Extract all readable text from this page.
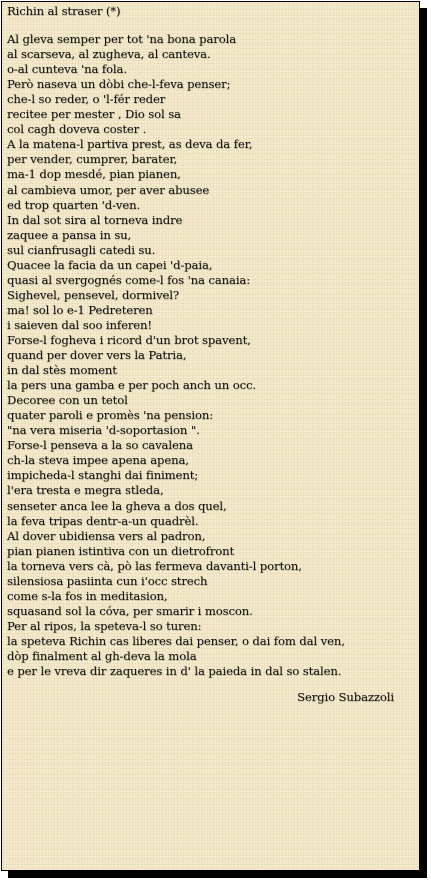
Richin al straser (*)
Al gleva semper per tot 'na bona parola
al scarseva, al zugheva, al canteva.
o-al cunteva 'na fola.
Però naseva un dòbi che-l-feva penser;
che-l so reder, o 'l-fér reder
recitee per mester , Dio sol sa
col cagh doveva coster .
A la matena-l partiva prest, as deva da fer,
per vender, cumprer, barater,
ma-1 dop mesdé, pian pianen,
al cambieva umor, per aver abusee
ed trop quarten 'd-ven.
In dal sot sira al torneva indre
zaquee a pansa in su,
sul cianfrusagli catedi su.
Quacee la facia da un capei 'd-paia,
quasi al svergognés come-l fos 'na canaia:
Sighevel, pensevel, dormivel?
ma! sol lo e-1 Pedreteren
i saieven dal soo inferen!
Forse-l fogheva i ricord d'un brot spavent,
quand per dover vers la Patria,
in dal stès moment
la pers una gamba e per poch anch un occ.
Decoree con un tetol
quater paroli e promès 'na pension:
"na vera miseria 'd-soportasion ".
Forse-l penseva a la so cavalena
ch-la steva impee apena apena,
impicheda-l stanghi dai finiment;
l'era tresta e megra stleda,
senseter anca lee la gheva a dos quel,
la feva tripas dentr-a-un quadrèl.
Al dover ubidiensa vers al padron,
pian pianen istintiva con un dietrofront
la torneva vers cà, pò las fermeva davanti-l porton,
silensiosa pasiinta cun i'occ strech
come s-la fos in meditasion,
squasand sol la cóva, per smarir i moscon.
Per al ripos, la speteva-l so turen:
la speteva Richin cas liberes dai penser, o dai fom dal ven,
dòp finalment al gh-deva la mola
e per le vreva dir zaqueres in d' la paieda in dal so stalen.
Sergio Subazzoli
